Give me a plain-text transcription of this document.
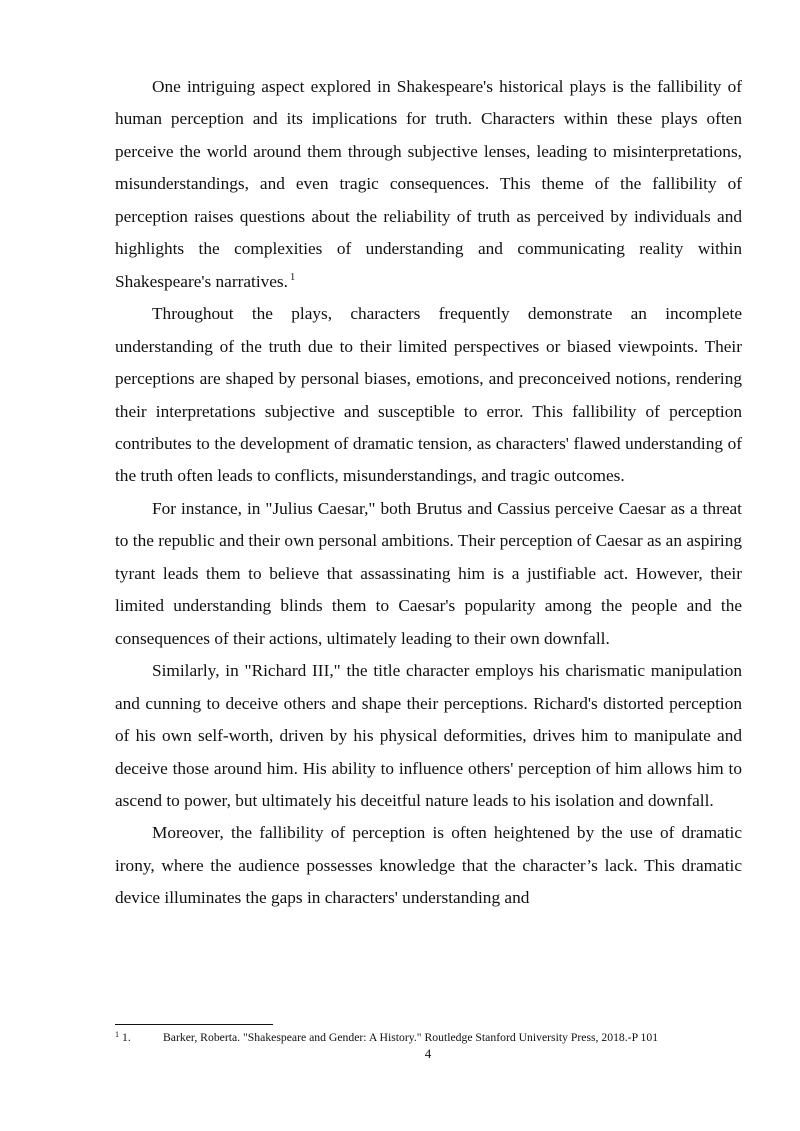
One intriguing aspect explored in Shakespeare's historical plays is the fallibility of human perception and its implications for truth. Characters within these plays often perceive the world around them through subjective lenses, leading to misinterpretations, misunderstandings, and even tragic consequences. This theme of the fallibility of perception raises questions about the reliability of truth as perceived by individuals and highlights the complexities of understanding and communicating reality within Shakespeare's narratives. $^1$

Throughout the plays, characters frequently demonstrate an incomplete understanding of the truth due to their limited perspectives or biased viewpoints. Their perceptions are shaped by personal biases, emotions, and preconceived notions, rendering their interpretations subjective and susceptible to error. This fallibility of perception contributes to the development of dramatic tension, as characters' flawed understanding of the truth often leads to conflicts, misunderstandings, and tragic outcomes.

For instance, in "Julius Caesar," both Brutus and Cassius perceive Caesar as a threat to the republic and their own personal ambitions. Their perception of Caesar as an aspiring tyrant leads them to believe that assassinating him is a justifiable act. However, their limited understanding blinds them to Caesar's popularity among the people and the consequences of their actions, ultimately leading to their own downfall.

Similarly, in "Richard III," the title character employs his charismatic manipulation and cunning to deceive others and shape their perceptions. Richard's distorted perception of his own self-worth, driven by his physical deformities, drives him to manipulate and deceive those around him. His ability to influence others' perception of him allows him to ascend to power, but ultimately his deceitful nature leads to his isolation and downfall.

Moreover, the fallibility of perception is often heightened by the use of dramatic irony, where the audience possesses knowledge that the character’s lack. This dramatic device illuminates the gaps in characters' understanding and

$^1$ 1.	Barker, Roberta. "Shakespeare and Gender: A History." Routledge Stanford University Press, 2018.-P 101
4
